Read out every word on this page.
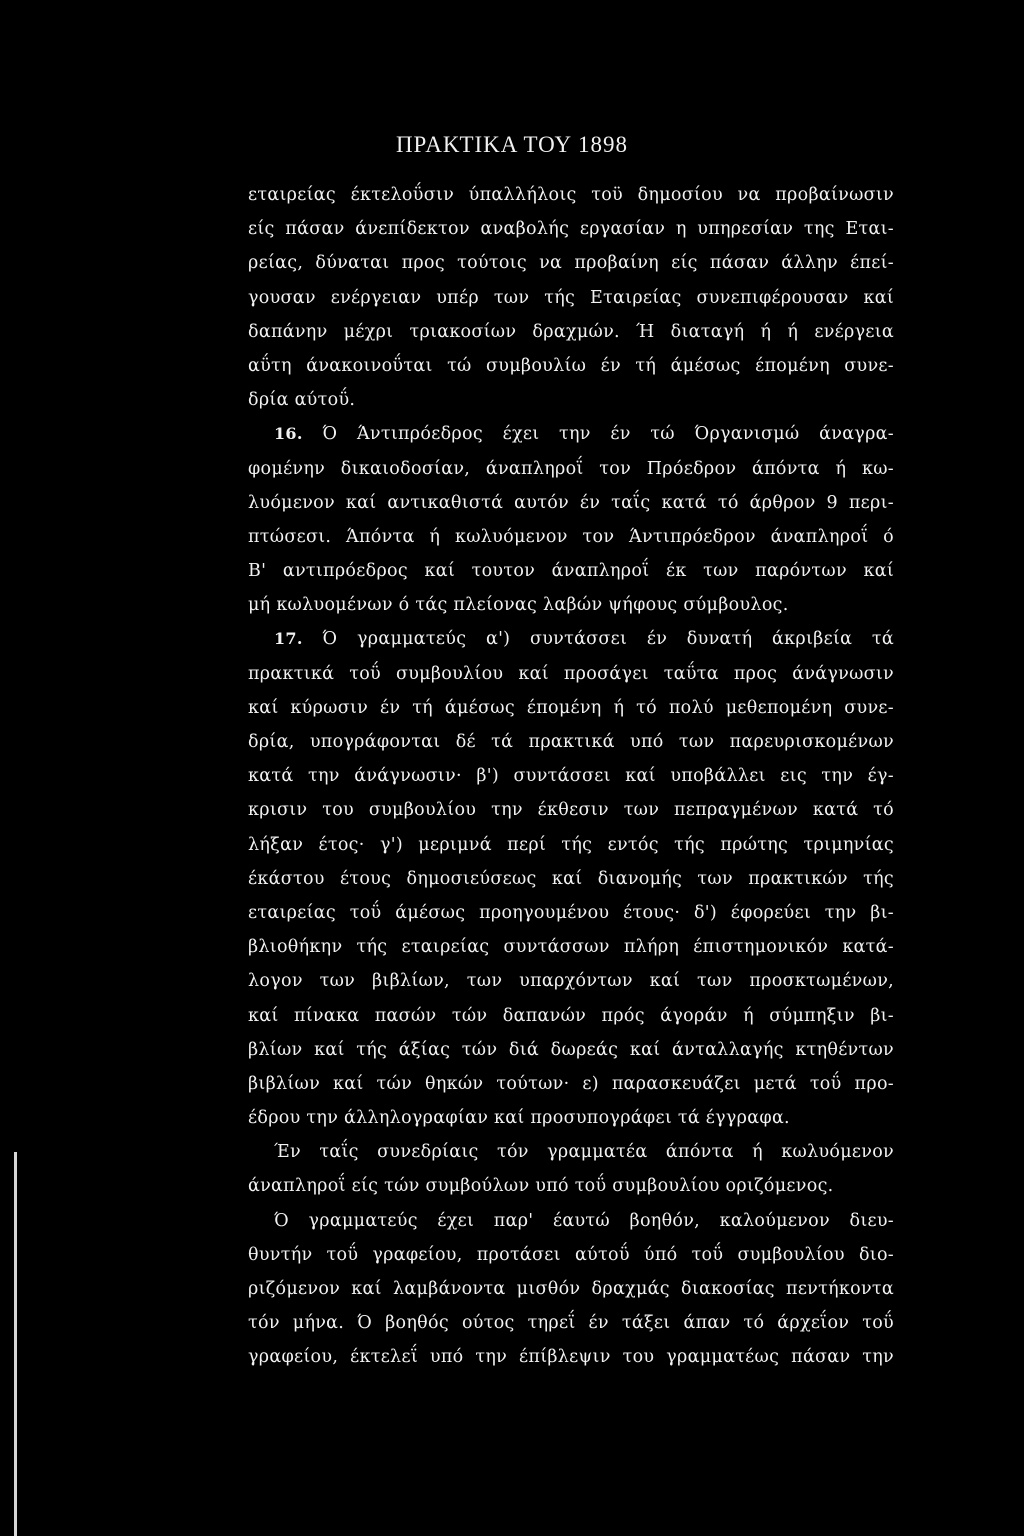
ΠΡΑΚΤΙΚΑ ΤΟΥ 1898
εταιρείας έκτελοΰσιν ύπαλλήλοις τοϋ δημοσίου να προβαίνωσιν
είς πάσαν άνεπίδεκτον αναβολής εργασίαν η υπηρεσίαν της Εται-
ρείας, δύναται προς τούτοις να προβαίνη είς πάσαν άλλην έπεί-
γουσαν ενέργειαν υπέρ των τής Εταιρείας συνεπιφέρουσαν καί
δαπάνην μέχρι τριακοσίων δραχμών. Ή διαταγή ή ή ενέργεια
αΰτη άνακοινοΰται τώ συμβουλίω έν τή άμέσως έπομένη συνε-
δρία αύτοΰ.
16. Ό Άντιπρόεδρος έχει την έν τώ Όργανισμώ άναγρα-
φομένην δικαιοδοσίαν, άναπληροΐ τον Πρόεδρον άπόντα ή κω-
λυόμενον καί αντικαθιστά αυτόν έν ταΐς κατά τό άρθρον 9 περι-
πτώσεσι. Άπόντα ή κωλυόμενον τον Άντιπρόεδρον άναπληροΐ ό
Β' αντιπρόεδρος καί τουτον άναπληροΐ έκ των παρόντων καί
μή κωλυομένων ό τάς πλείονας λαβών ψήφους σύμβουλος.
17. Ό γραμματεύς α') συντάσσει έν δυνατή άκριβεία τά
πρακτικά τοΰ συμβουλίου καί προσάγει ταΰτα προς άνάγνωσιν
καί κύρωσιν έν τή άμέσως έπομένη ή τό πολύ μεθεπομένη συνε-
δρία, υπογράφονται δέ τά πρακτικά υπό των παρευρισκομένων
κατά την άνάγνωσιν· β') συντάσσει καί υποβάλλει εις την έγ-
κρισιν του συμβουλίου την έκθεσιν των πεπραγμένων κατά τό
λήξαν έτος· γ') μεριμνά περί τής εντός τής πρώτης τριμηνίας
έκάστου έτους δημοσιεύσεως καί διανομής των πρακτικών τής
εταιρείας τοΰ άμέσως προηγουμένου έτους· δ') έφορεύει την βι-
βλιοθήκην τής εταιρείας συντάσσων πλήρη έπιστημονικόν κατά-
λογον των βιβλίων, των υπαρχόντων καί των προσκτωμένων,
καί πίνακα πασών τών δαπανών πρός άγοράν ή σύμπηξιν βι-
βλίων καί τής άξίας τών διά δωρεάς καί άνταλλαγής κτηθέντων
βιβλίων καί τών θηκών τούτων· ε) παρασκευάζει μετά τοΰ προ-
έδρου την άλληλογραφίαν καί προσυπογράφει τά έγγραφα.
Έν ταΐς συνεδρίαις τόν γραμματέα άπόντα ή κωλυόμενον
άναπληροΐ είς τών συμβούλων υπό τοΰ συμβουλίου οριζόμενος.
Ό γραμματεύς έχει παρ' έαυτώ βοηθόν, καλούμενον διευ-
θυντήν τοΰ γραφείου, προτάσει αύτοΰ ύπό τοΰ συμβουλίου διο-
ριζόμενον καί λαμβάνοντα μισθόν δραχμάς διακοσίας πεντήκοντα
τόν μήνα. Ό βοηθός ούτος τηρεΐ έν τάξει άπαν τό άρχεΐον τοΰ
γραφείου, έκτελεΐ υπό την έπίβλεψιν του γραμματέως πάσαν την
